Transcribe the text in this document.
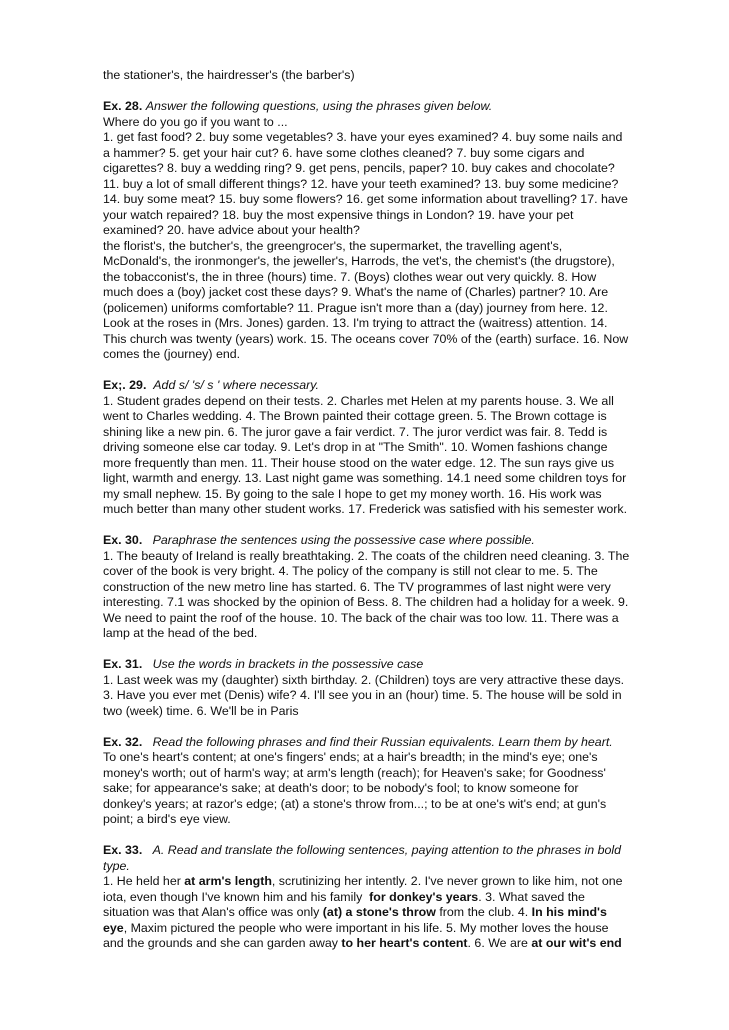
the stationer's, the hairdresser's (the barber's)
Ex. 28. Answer the following questions, using the phrases given below.
Where do you go if you want to ...
1. get fast food? 2. buy some vegetables? 3. have your eyes examined? 4. buy some nails and
a hammer? 5. get your hair cut? 6. have some clothes cleaned? 7. buy some cigars and
cigarettes? 8. buy a wedding ring? 9. get pens, pencils, paper? 10. buy cakes and chocolate?
11. buy a lot of small different things? 12. have your teeth examined? 13. buy some medicine?
14. buy some meat? 15. buy some flowers? 16. get some information about travelling? 17. have
your watch repaired? 18. buy the most expensive things in London? 19. have your pet
examined? 20. have advice about your health?
the florist's, the butcher's, the greengrocer's, the supermarket, the travelling agent's,
McDonald's, the ironmonger's, the jeweller's, Harrods, the vet's, the chemist's (the drugstore),
the tobacconist's, the in three (hours) time. 7. (Boys) clothes wear out very quickly. 8. How
much does a (boy) jacket cost these days? 9. What's the name of (Charles) partner? 10. Are
(policemen) uniforms comfortable? 11. Prague isn't more than a (day) journey from here. 12.
Look at the roses in (Mrs. Jones) garden. 13. I'm trying to attract the (waitress) attention. 14.
This church was twenty (years) work. 15. The oceans cover 70% of the (earth) surface. 16. Now
comes the (journey) end.
Ex;. 29. Add s/ 's/ s ' where necessary.
1. Student grades depend on their tests. 2. Charles met Helen at my parents house. 3. We all
went to Charles wedding. 4. The Brown painted their cottage green. 5. The Brown cottage is
shining like a new pin. 6. The juror gave a fair verdict. 7. The juror verdict was fair. 8. Tedd is
driving someone else car today. 9. Let's drop in at "The Smith". 10. Women fashions change
more frequently than men. 11. Their house stood on the water edge. 12. The sun rays give us
light, warmth and energy. 13. Last night game was something. 14.1 need some children toys for
my small nephew. 15. By going to the sale I hope to get my money worth. 16. His work was
much better than many other student works. 17. Frederick was satisfied with his semester work.
Ex. 30. Paraphrase the sentences using the possessive case where possible.
1. The beauty of Ireland is really breathtaking. 2. The coats of the children need cleaning. 3. The
cover of the book is very bright. 4. The policy of the company is still not clear to me. 5. The
construction of the new metro line has started. 6. The TV programmes of last night were very
interesting. 7.1 was shocked by the opinion of Bess. 8. The children had a holiday for a week. 9.
We need to paint the roof of the house. 10. The back of the chair was too low. 11. There was a
lamp at the head of the bed.
Ex. 31. Use the words in brackets in the possessive case
1. Last week was my (daughter) sixth birthday. 2. (Children) toys are very attractive these days.
3. Have you ever met (Denis) wife? 4. I'll see you in an (hour) time. 5. The house will be sold in
two (week) time. 6. We'll be in Paris
Ex. 32. Read the following phrases and find their Russian equivalents. Learn them by heart.
To one's heart's content; at one's fingers' ends; at a hair's breadth; in the mind's eye; one's
money's worth; out of harm's way; at arm's length (reach); for Heaven's sake; for Goodness'
sake; for appearance's sake; at death's door; to be nobody's fool; to know someone for
donkey's years; at razor's edge; (at) a stone's throw from...; to be at one's wit's end; at gun's
point; a bird's eye view.
Ex. 33. A. Read and translate the following sentences, paying attention to the phrases in bold
type.
1. He held her at arm's length, scrutinizing her intently. 2. I've never grown to like him, not one
iota, even though I've known him and his family  for donkey's years. 3. What saved the
situation was that Alan's office was only (at) a stone's throw from the club. 4. In his mind's
eye, Maxim pictured the people who were important in his life. 5. My mother loves the house
and the grounds and she can garden away to her heart's content. 6. We are at our wit's end
